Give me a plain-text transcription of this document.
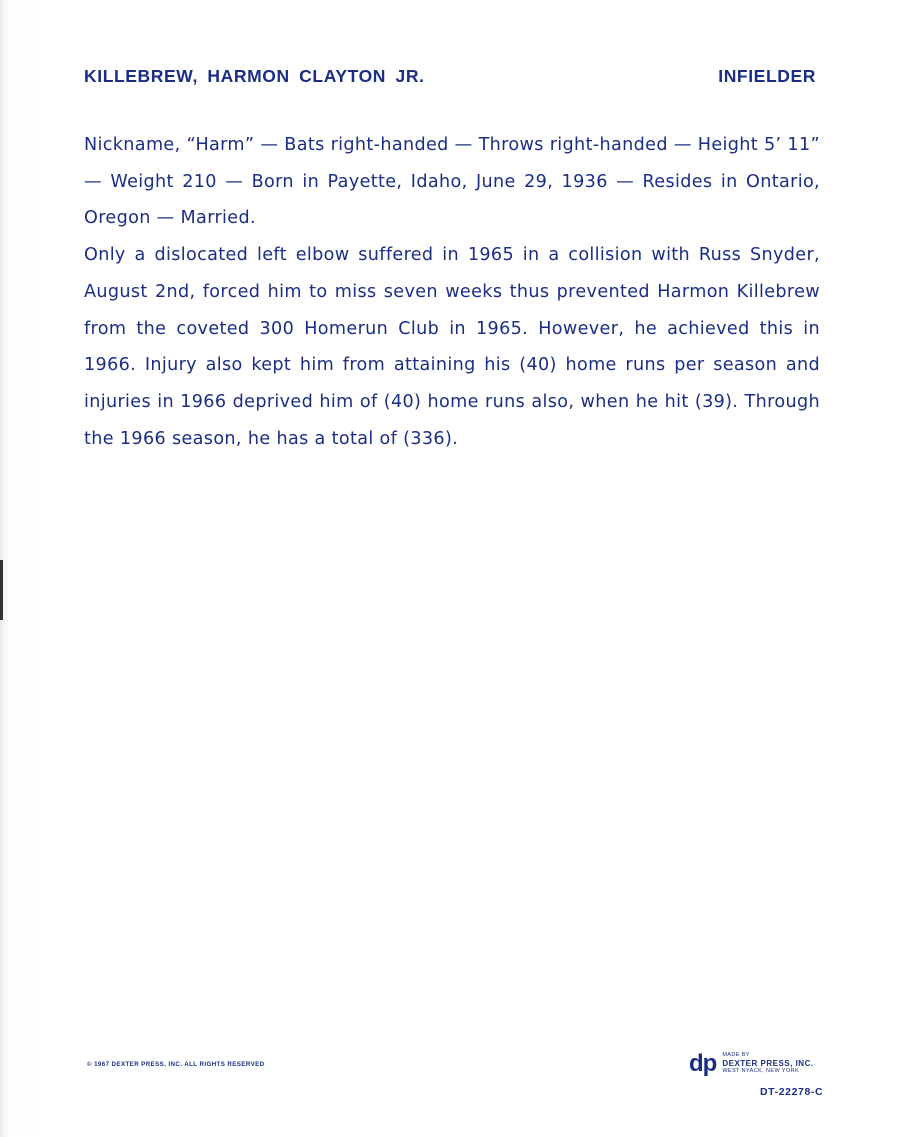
KILLEBREW, HARMON CLAYTON JR.	INFIELDER

Nickname, “Harm” — Bats right-handed — Throws right-handed — Height 5’ 11” — Weight 210 — Born in Payette, Idaho, June 29, 1936 — Resides in Ontario, Oregon — Married.

Only a dislocated left elbow suffered in 1965 in a collision with Russ Snyder, August 2nd, forced him to miss seven weeks thus prevented Harmon Killebrew from the coveted 300 Homerun Club in 1965. However, he achieved this in 1966. Injury also kept him from attaining his (40) home runs per season and injuries in 1966 deprived him of (40) home runs also, when he hit (39). Through the 1966 season, he has a total of (336).

© 1967 DEXTER PRESS, INC. ALL RIGHTS RESERVED	dp MADE BY
DEXTER PRESS, INC.
WEST NYACK, NEW YORK
DT-22278-C
